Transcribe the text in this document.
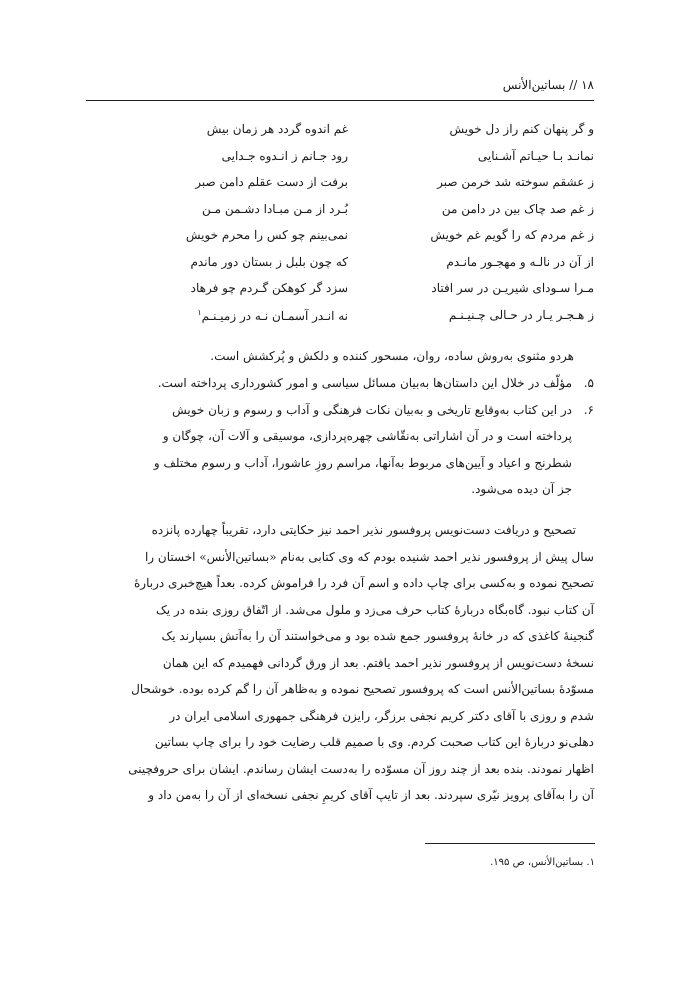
۱۸ // بساتین‌الأنس
و گر پنهان کنم راز دل خویش
غم اندوه گردد هر زمان بیش
نمانـد بـا حیـاتم آشـنایی
رود جـانم ز انـدوه جـدایی
ز عشقم سوخته شد خرمن صبر
برفت از دست عقلم دامن صبر
ز غم صد چاک بین در دامن من
بُـرد از مـن مبـادا دشـمن مـن
ز غم مردم که را گویم غم خویش
نمی‌بینم چو کس را محرم خویش
از آن در نالـه و مهجـور مانـدم
که چون بلبل ز بستان دور ماندم
مـرا سـودای شیریـن در سر افتاد
سزد گر کوهکن گـردم چو فرهاد
ز هـجـر یـار در حـالی چـنیـنـم
نه انـدر آسمـان نـه در زمیـنـم$^۱$
هردو مثنوی به‌روش ساده، روان، مسحور کننده و دلکش و پُرکشش است.
۵.
مؤلّف در خلال این داستان‌ها به‌بیان مسائل سیاسی و امور کشورداری پرداخته است.
۶.
در این کتاب به‌وقایع تاریخی و به‌بیان نکات فرهنگی و آداب و رسوم و زبان خویش
پرداخته است و در آن اشاراتی به‌نقّاشی چهره‌پردازی، موسیقی و آلات آن، چوگان و
شطرنج و اعیاد و آیین‌های مربوط به‌آنها، مراسم روزِ عاشورا، آداب و رسوم مختلف و
جز آن دیده می‌شود.
تصحیح و دریافت دست‌نویس پروفسور نذیر احمد نیز حکایتی دارد، تقریباً چهارده پانزده
سال پیش از پروفسور نذیر احمد شنیده بودم که وی کتابی به‌نام «بساتین‌الأنس» اخستان را
تصحیح نموده و به‌کسی برای چاپ داده و اسم آن فرد را فراموش کرده. بعداً هیچ‌خبری دربارۀ
آن کتاب نبود. گاه‌بگاه دربارۀ کتاب حرف می‌زد و ملول می‌شد. از اتّفاق روزی بنده در یک
گنجینۀ کاغذی که در خانۀ پروفسور جمع شده بود و می‌خواستند آن را به‌آتش بسپارند یک
نسخۀ دست‌نویس از پروفسور نذیر احمد یافتم. بعد از ورق گردانی فهمیدم که این همان
مسوّدۀ بساتین‌الأنس است که پروفسور تصحیح نموده و به‌ظاهر آن را گم کرده بوده. خوشحال
شدم و روزی با آقای دکتر کریم نجفی برزگر، رایزن فرهنگی جمهوری اسلامی ایران در
دهلی‌نو دربارۀ این کتاب صحبت کردم. وی با صمیم قلب رضایت خود را برای چاپ بساتین
اظهار نمودند. بنده بعد از چند روز آن مسوّده را به‌دست ایشان رساندم. ایشان برای حروفچینی
آن را به‌آقای پرویز نیّری سپردند. بعد از تایپ آقای کریمِ نجفی نسخه‌ای از آن را به‌من داد و
۱. بساتین‌الأنس، ص ۱۹۵.
